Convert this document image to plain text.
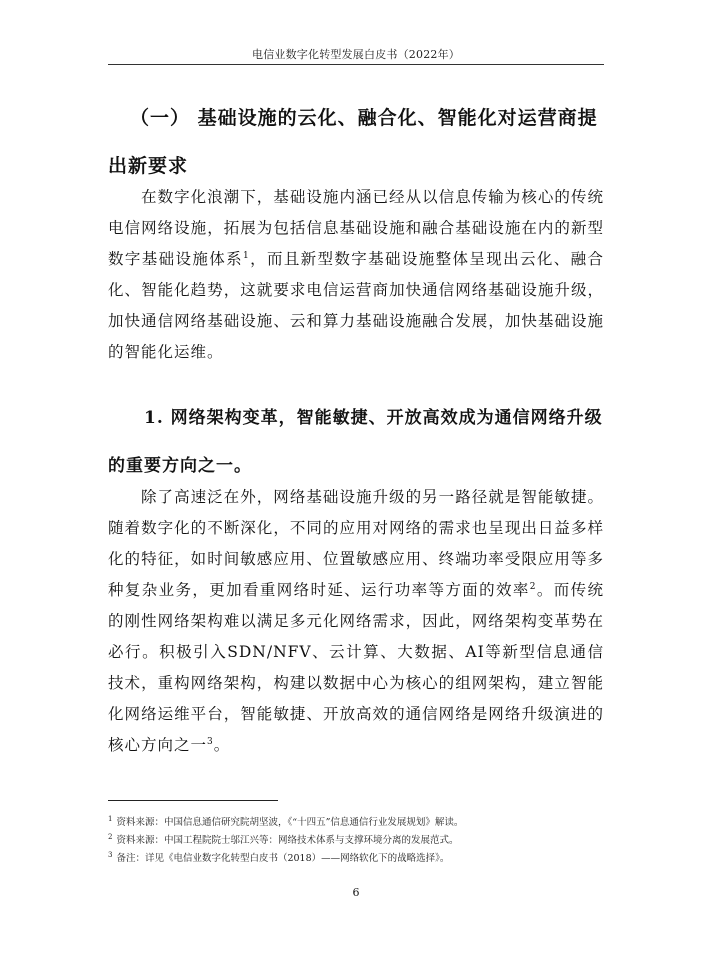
电信业数字化转型发展白皮书（2022年）
（一） 基础设施的云化、融合化、智能化对运营商提出新要求

在数字化浪潮下，基础设施内涵已经从以信息传输为核心的传统电信网络设施，拓展为包括信息基础设施和融合基础设施在内的新型数字基础设施体系$^1$，而且新型数字基础设施整体呈现出云化、融合化、智能化趋势，这就要求电信运营商加快通信网络基础设施升级，加快通信网络基础设施、云和算力基础设施融合发展，加快基础设施的智能化运维。

1. 网络架构变革，智能敏捷、开放高效成为通信网络升级的重要方向之一。

除了高速泛在外，网络基础设施升级的另一路径就是智能敏捷。随着数字化的不断深化，不同的应用对网络的需求也呈现出日益多样化的特征，如时间敏感应用、位置敏感应用、终端功率受限应用等多种复杂业务，更加看重网络时延、运行功率等方面的效率$^2$。而传统的刚性网络架构难以满足多元化网络需求，因此，网络架构变革势在必行。积极引入SDN/NFV、云计算、大数据、AI等新型信息通信技术，重构网络架构，构建以数据中心为核心的组网架构，建立智能化网络运维平台，智能敏捷、开放高效的通信网络是网络升级演进的核心方向之一$^3$。

$^1$ 资料来源：中国信息通信研究院胡坚波，《“十四五”信息通信行业发展规划》解读。
$^2$ 资料来源：中国工程院院士邬江兴等：网络技术体系与支撑环境分离的发展范式。
$^3$ 备注：详见《电信业数字化转型白皮书（2018）——网络软化下的战略选择》。
6
